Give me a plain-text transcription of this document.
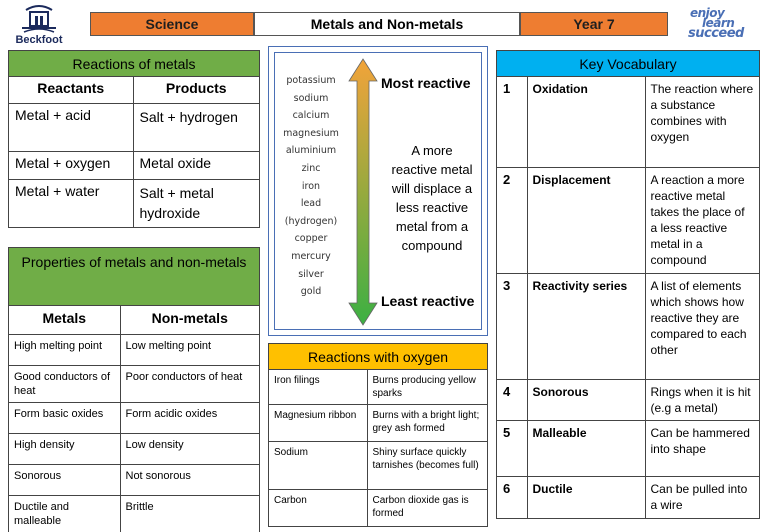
Beckfoot
enjoy
learn
succeed
Science	Metals and Non-metals	Year 7
Reactions of metals
Reactants	Products
Metal + acid	Salt + hydrogen
Metal + oxygen	Metal oxide
Metal + water	Salt + metal hydroxide
Properties of metals and non-metals
Metals	Non-metals
High melting point	Low melting point
Good conductors of heat	Poor conductors of heat
Form basic oxides	Form acidic oxides
High density	Low density
Sonorous	Not sonorous
Ductile and malleable	Brittle
potassium
sodium
calcium
magnesium
aluminium
zinc
iron
lead
(hydrogen)
copper
mercury
silver
gold
Most reactive
A more reactive metal will displace a less reactive metal from a compound
Least reactive
Reactions with oxygen
Iron filings	Burns producing yellow sparks
Magnesium ribbon	Burns with a bright light; grey ash formed
Sodium	Shiny surface quickly tarnishes (becomes full)
Carbon	Carbon dioxide gas is formed
Key Vocabulary
1	Oxidation	The reaction where a substance combines with oxygen
2	Displacement	A reaction a more reactive metal takes the place of a less reactive metal in a compound
3	Reactivity series	A list of elements which shows how reactive they are compared to each other
4	Sonorous	Rings when it is hit (e.g a metal)
5	Malleable	Can be hammered into shape
6	Ductile	Can be pulled into a wire
